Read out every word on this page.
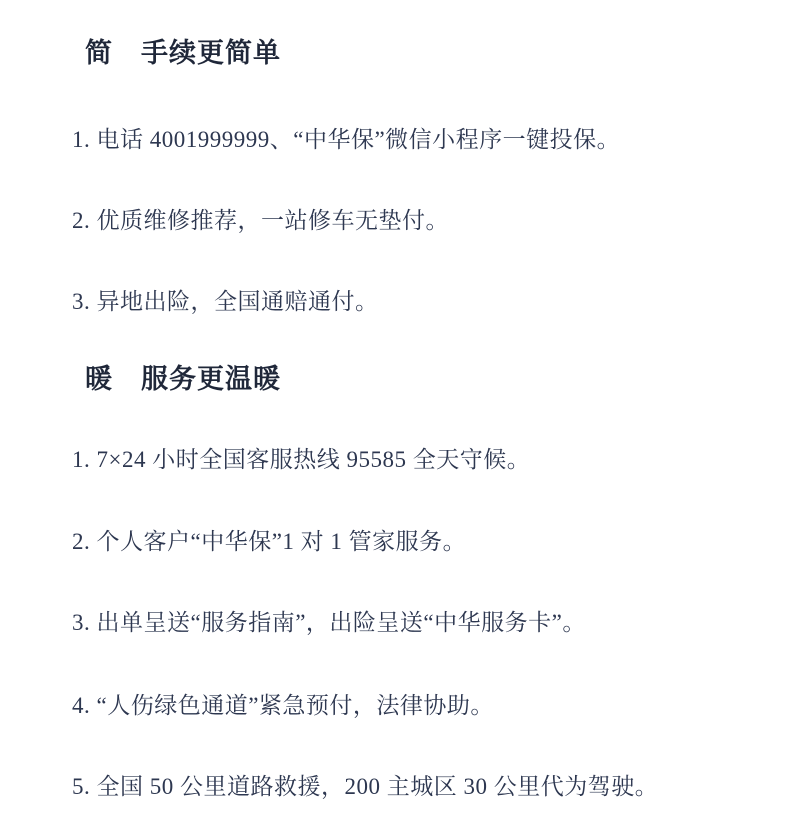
简　手续更简单

1. 电话 4001999999、“中华保”微信小程序一键投保。

2. 优质维修推荐，一站修车无垫付。

3. 异地出险，全国通赔通付。

暖　服务更温暖

1. 7×24 小时全国客服热线 95585 全天守候。

2. 个人客户“中华保”1 对 1 管家服务。

3. 出单呈送“服务指南”，出险呈送“中华服务卡”。

4. “人伤绿色通道”紧急预付，法律协助。

5. 全国 50 公里道路救援，200 主城区 30 公里代为驾驶。
